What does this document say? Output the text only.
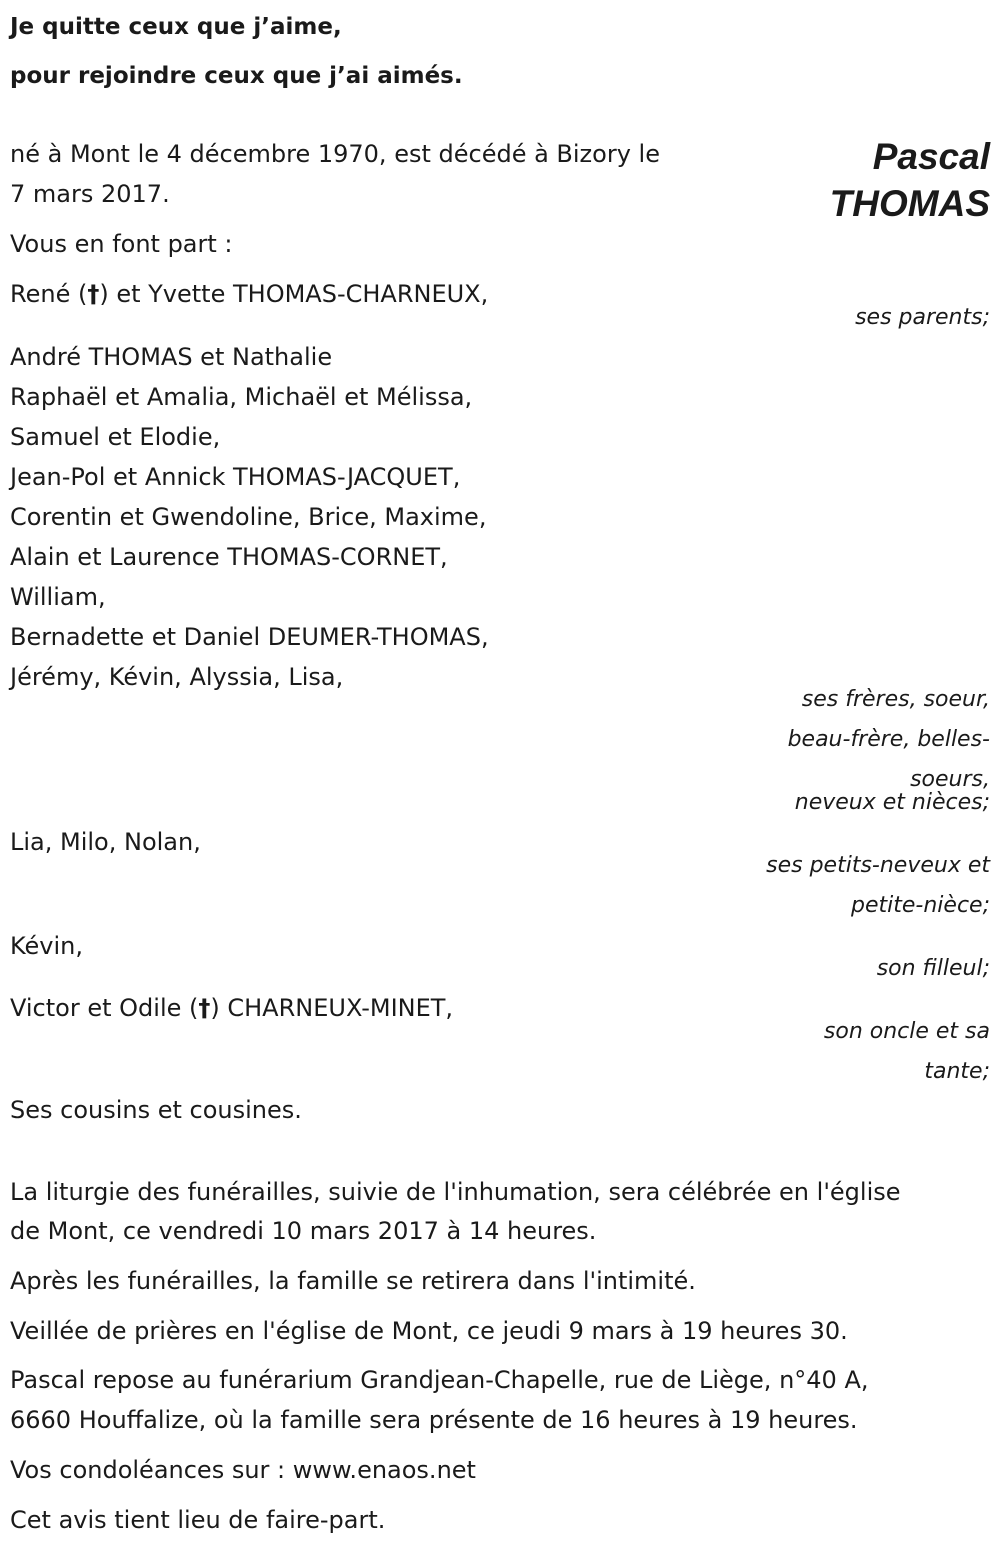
Je quitte ceux que j’aime,
pour rejoindre ceux que j’ai aimés.
Pascal
THOMAS
né à Mont le 4 décembre 1970, est décédé à Bizory le
7 mars 2017.
Vous en font part :
René (†) et Yvette THOMAS-CHARNEUX,
ses parents;
André THOMAS et Nathalie
Raphaël et Amalia, Michaël et Mélissa,
Samuel et Elodie,
Jean-Pol et Annick THOMAS-JACQUET,
Corentin et Gwendoline, Brice, Maxime,
Alain et Laurence THOMAS-CORNET,
William,
Bernadette et Daniel DEUMER-THOMAS,
Jérémy, Kévin, Alyssia, Lisa,
ses frères, soeur,
beau-frère, belles-
soeurs,
neveux et nièces;
Lia, Milo, Nolan,
ses petits-neveux et
petite-nièce;
Kévin,
son filleul;
Victor et Odile (†) CHARNEUX-MINET,
son oncle et sa
tante;
Ses cousins et cousines.
La liturgie des funérailles, suivie de l'inhumation, sera célébrée en l'église
de Mont, ce vendredi 10 mars 2017 à 14 heures.
Après les funérailles, la famille se retirera dans l'intimité.
Veillée de prières en l'église de Mont, ce jeudi 9 mars à 19 heures 30.
Pascal repose au funérarium Grandjean-Chapelle, rue de Liège, n°40 A,
6660 Houffalize, où la famille sera présente de 16 heures à 19 heures.
Vos condoléances sur : www.enaos.net
Cet avis tient lieu de faire-part.
